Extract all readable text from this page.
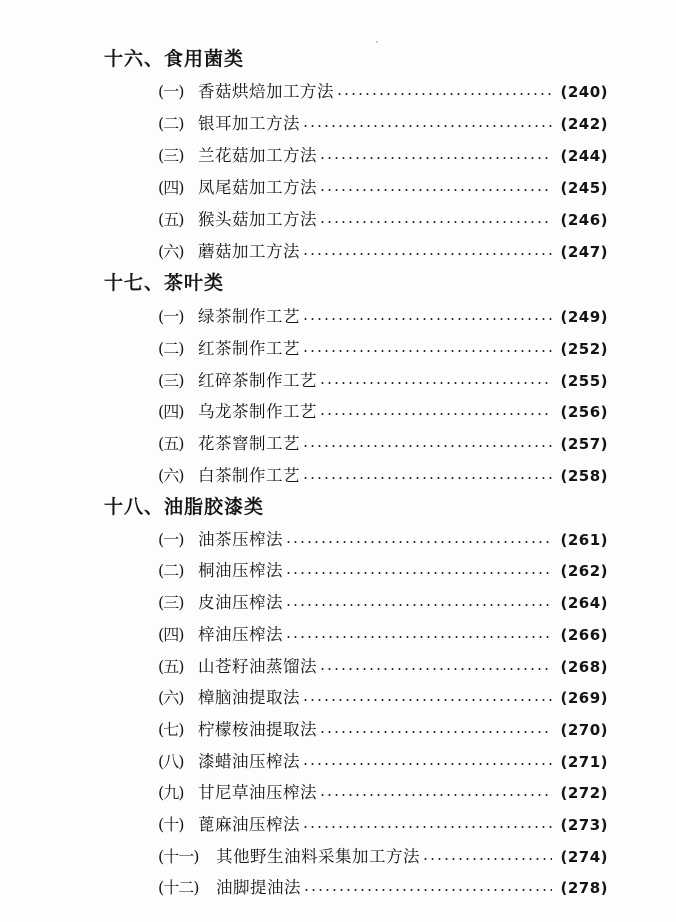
十六、食用菌类
(一) 香菇烘焙加工方法	(240)
(二) 银耳加工方法	(242)
(三) 兰花菇加工方法	(244)
(四) 凤尾菇加工方法	(245)
(五) 猴头菇加工方法	(246)
(六) 蘑菇加工方法	(247)
十七、茶叶类
(一) 绿茶制作工艺	(249)
(二) 红茶制作工艺	(252)
(三) 红碎茶制作工艺	(255)
(四) 乌龙茶制作工艺	(256)
(五) 花茶窨制工艺	(257)
(六) 白茶制作工艺	(258)
十八、油脂胶漆类
(一) 油茶压榨法	(261)
(二) 桐油压榨法	(262)
(三) 皮油压榨法	(264)
(四) 梓油压榨法	(266)
(五) 山苍籽油蒸馏法	(268)
(六) 樟脑油提取法	(269)
(七) 柠檬桉油提取法	(270)
(八) 漆蜡油压榨法	(271)
(九) 甘尼草油压榨法	(272)
(十) 蓖麻油压榨法	(273)
(十一)	其他野生油料采集加工方法	(274)
(十二)	油脚提油法	(278)
